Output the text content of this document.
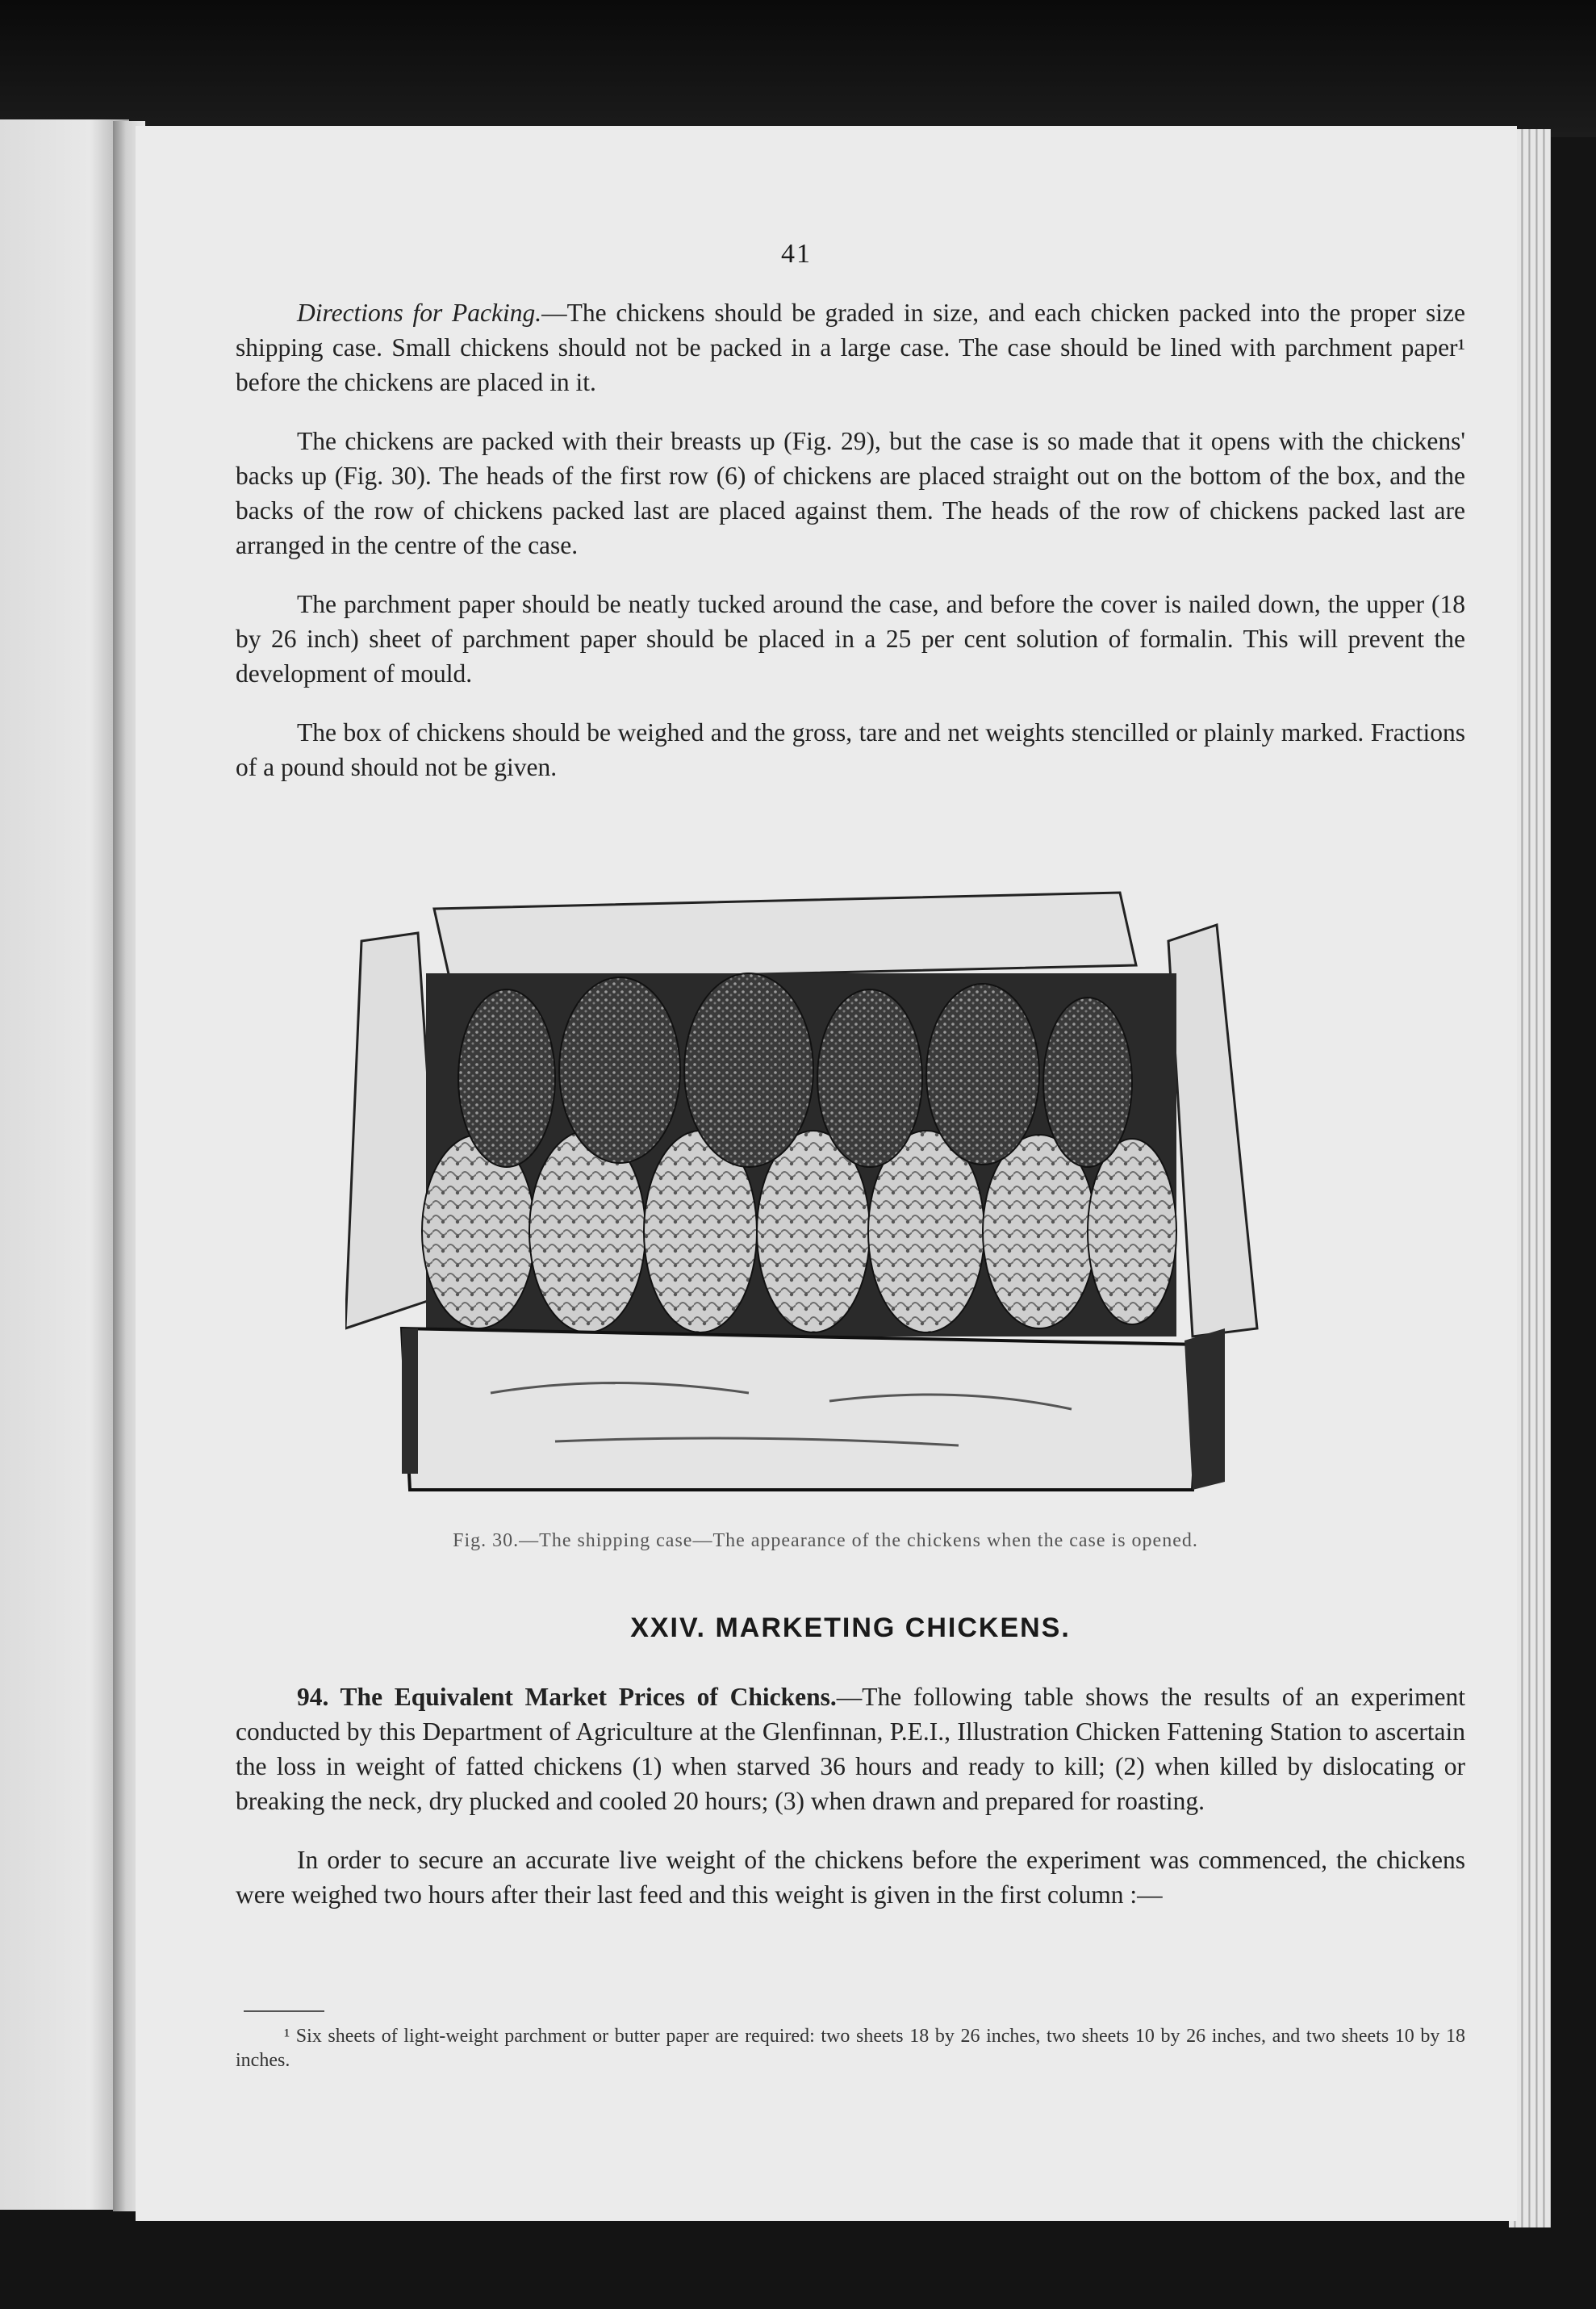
41

Directions for Packing.—The chickens should be graded in size, and each chicken packed into the proper size shipping case. Small chickens should not be packed in a large case. The case should be lined with parchment paper¹ before the chickens are placed in it.

The chickens are packed with their breasts up (Fig. 29), but the case is so made that it opens with the chickens' backs up (Fig. 30). The heads of the first row (6) of chickens are placed straight out on the bottom of the box, and the backs of the row of chickens packed last are placed against them. The heads of the row of chickens packed last are arranged in the centre of the case.

The parchment paper should be neatly tucked around the case, and before the cover is nailed down, the upper (18 by 26 inch) sheet of parchment paper should be placed in a 25 per cent solution of formalin. This will prevent the development of mould.

The box of chickens should be weighed and the gross, tare and net weights stencilled or plainly marked. Fractions of a pound should not be given.

Fig. 30.—The shipping case—The appearance of the chickens when the case is opened.
XXIV. MARKETING CHICKENS.

94. The Equivalent Market Prices of Chickens.—The following table shows the results of an experiment conducted by this Department of Agriculture at the Glenfinnan, P.E.I., Illustration Chicken Fattening Station to ascertain the loss in weight of fatted chickens (1) when starved 36 hours and ready to kill; (2) when killed by dislocating or breaking the neck, dry plucked and cooled 20 hours; (3) when drawn and prepared for roasting.

In order to secure an accurate live weight of the chickens before the experiment was commenced, the chickens were weighed two hours after their last feed and this weight is given in the first column :—

¹ Six sheets of light-weight parchment or butter paper are required: two sheets 18 by 26 inches, two sheets 10 by 26 inches, and two sheets 10 by 18 inches.
